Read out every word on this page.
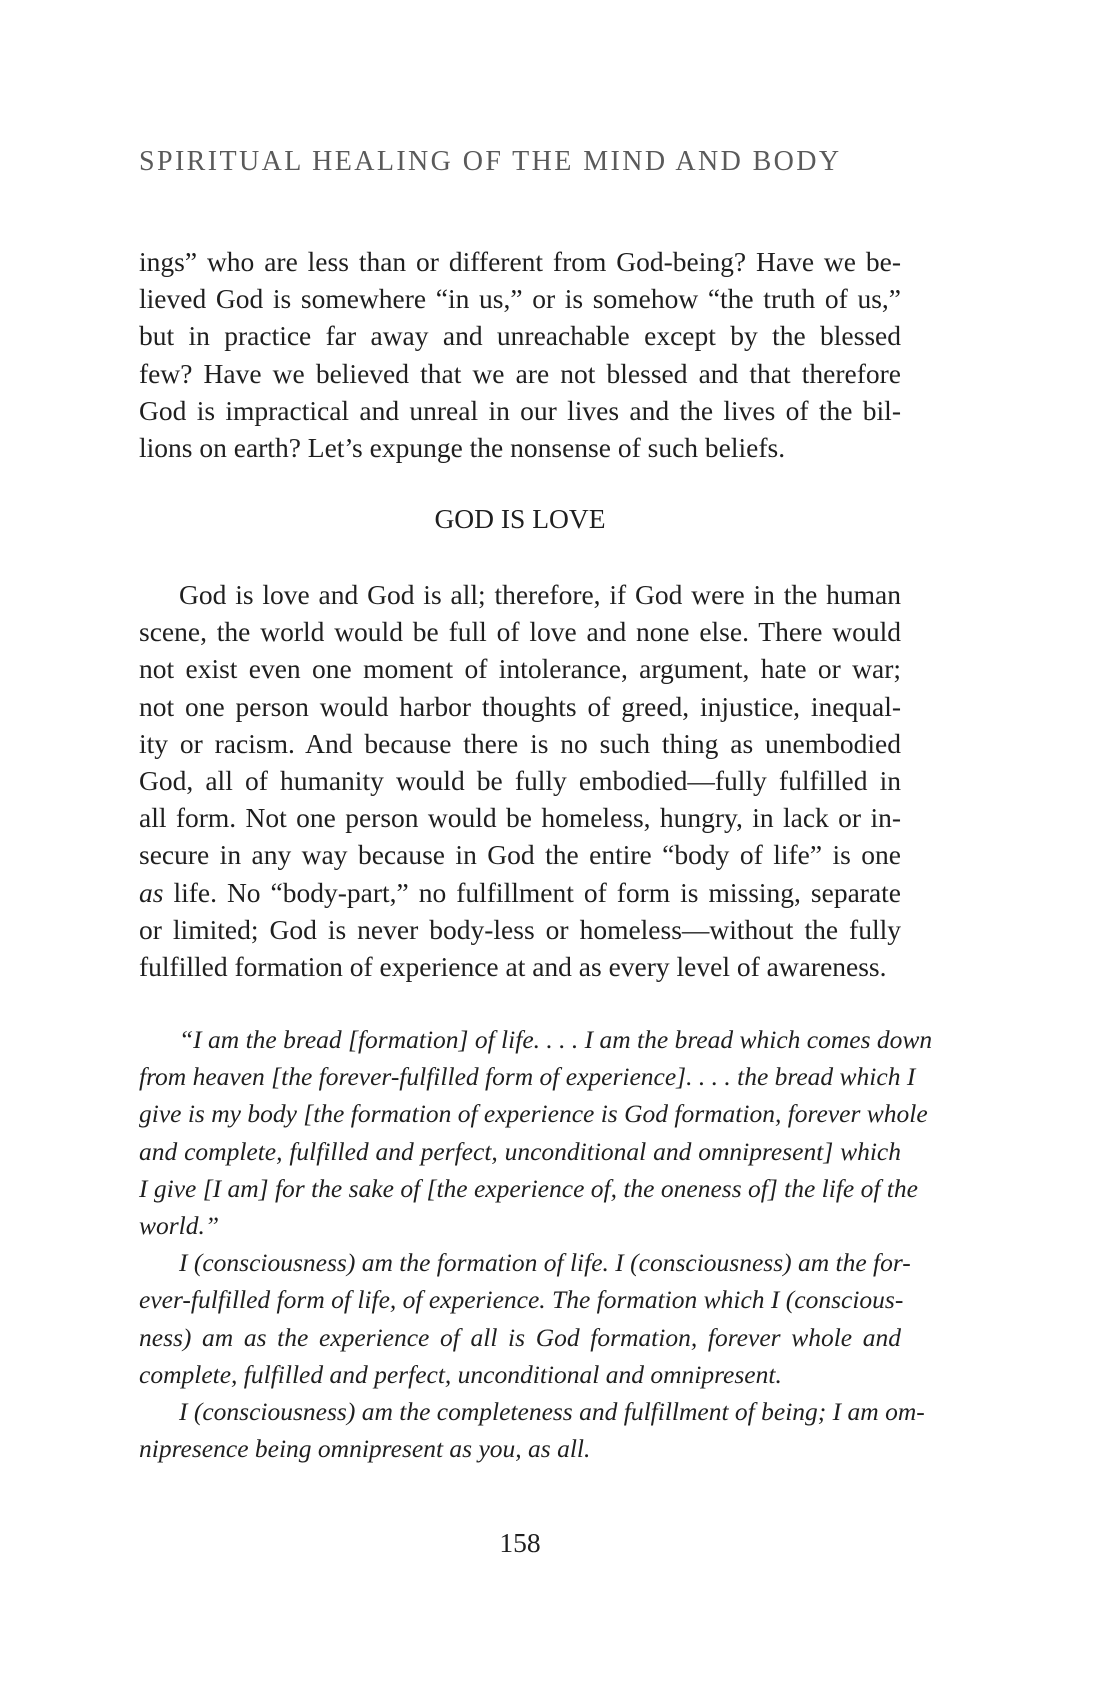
SPIRITUAL HEALING OF THE MIND AND BODY
ings” who are less than or different from God-being? Have we be-
lieved God is somewhere “in us,” or is somehow “the truth of us,”
but in practice far away and unreachable except by the blessed
few? Have we believed that we are not blessed and that therefore
God is impractical and unreal in our lives and the lives of the bil-
lions on earth? Let’s expunge the nonsense of such beliefs.
GOD IS LOVE
God is love and God is all; therefore, if God were in the human
scene, the world would be full of love and none else. There would
not exist even one moment of intolerance, argument, hate or war;
not one person would harbor thoughts of greed, injustice, inequal-
ity or racism. And because there is no such thing as unembodied
God, all of humanity would be fully embodied—fully fulfilled in
all form. Not one person would be homeless, hungry, in lack or in-
secure in any way because in God the entire “body of life” is one
as life. No “body-part,” no fulfillment of form is missing, separate
or limited; God is never body-less or homeless—without the fully
fulfilled formation of experience at and as every level of awareness.
“I am the bread [formation] of life. . . . I am the bread which comes down
from heaven [the forever-fulfilled form of experience]. . . . the bread which I
give is my body [the formation of experience is God formation, forever whole
and complete, fulfilled and perfect, unconditional and omnipresent] which
I give [I am] for the sake of [the experience of, the oneness of] the life of the
world.”
I (consciousness) am the formation of life. I (consciousness) am the for-
ever-fulfilled form of life, of experience. The formation which I (conscious-
ness) am as the experience of all is God formation, forever whole and
complete, fulfilled and perfect, unconditional and omnipresent.
I (consciousness) am the completeness and fulfillment of being; I am om-
nipresence being omnipresent as you, as all.
158
